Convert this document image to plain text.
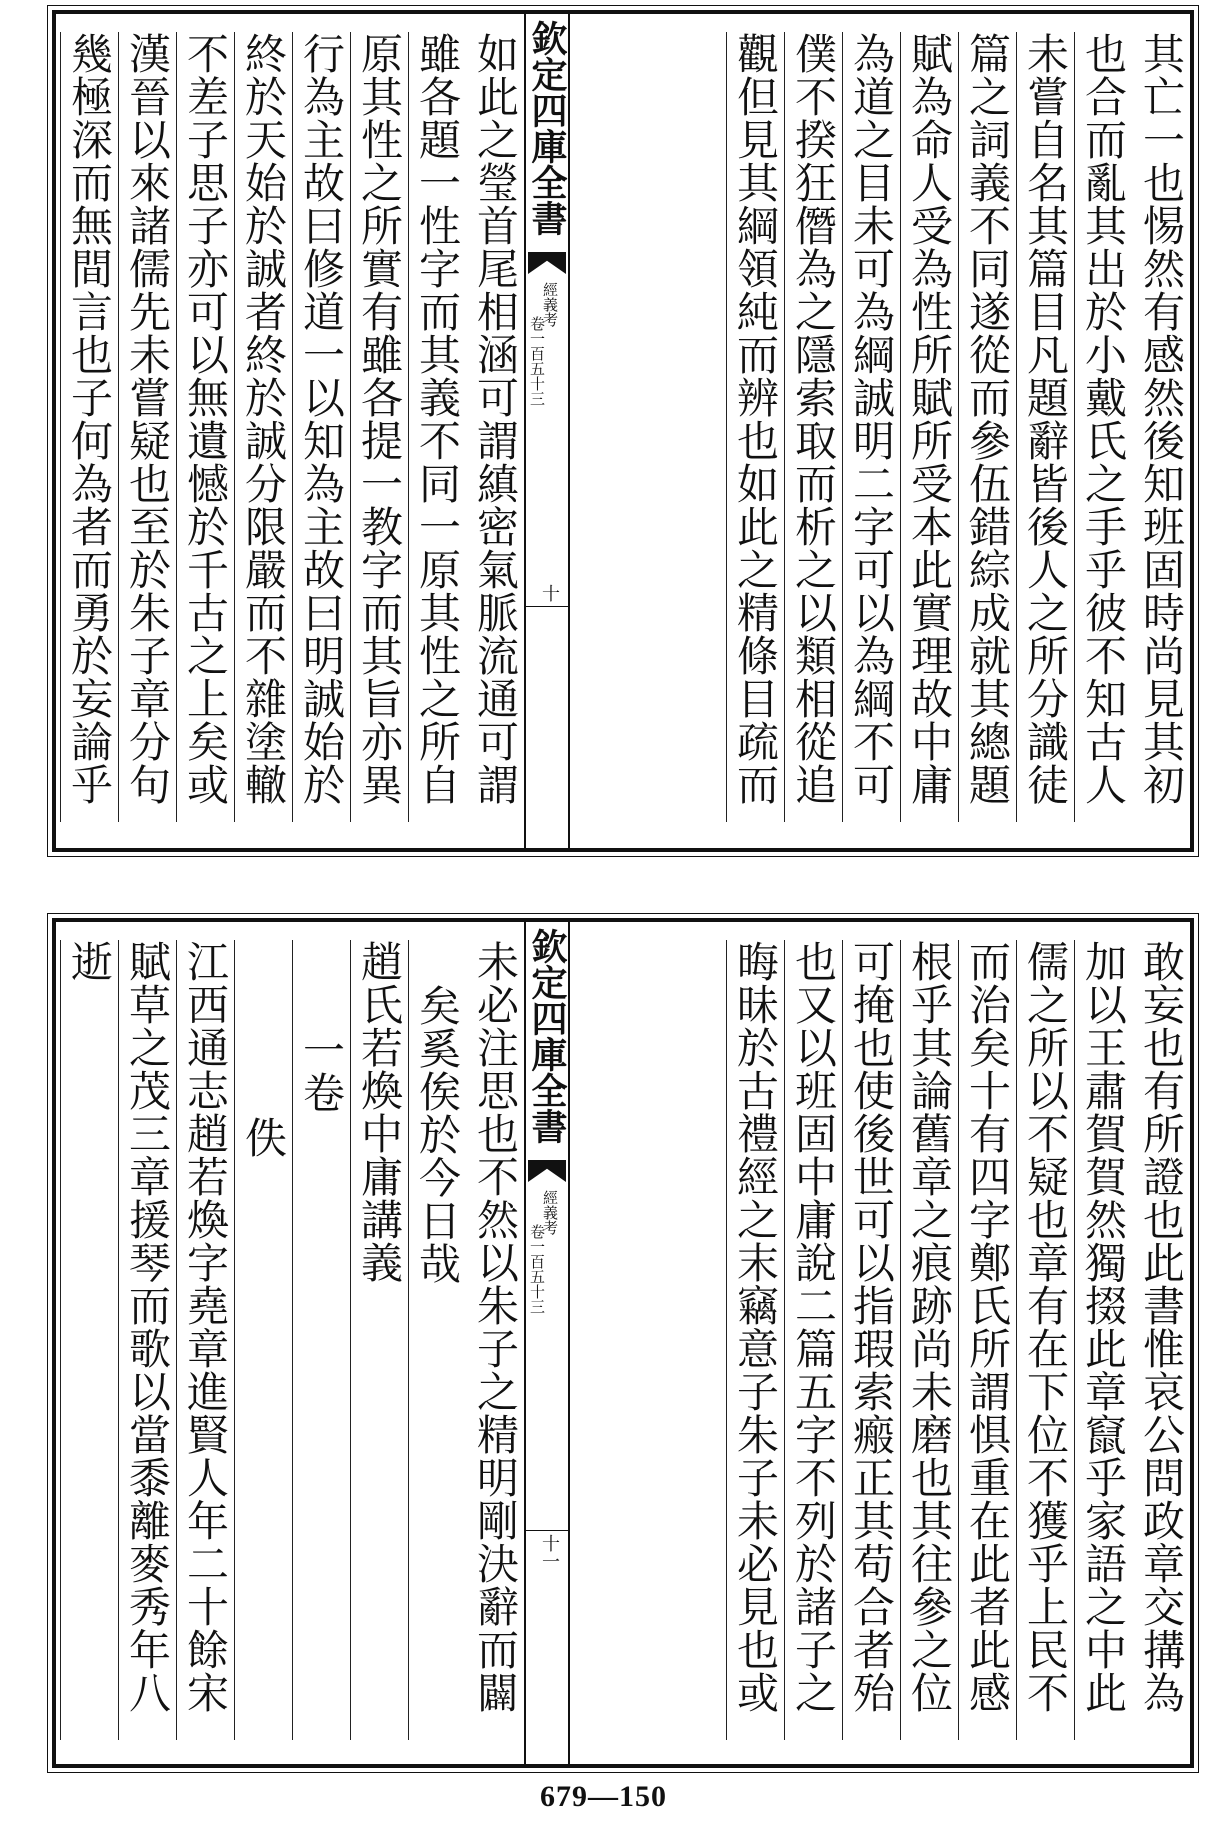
其亡一也惕然有感然後知班固時尚見其初
也合而亂其出於小戴氏之手乎彼不知古人
未嘗自名其篇目凡題辭皆後人之所分識徒
篇之詞義不同遂從而參伍錯綜成就其總題
賦為命人受為性所賦所受本此實理故中庸
為道之目未可為綱誠明二字可以為綱不可
僕不揆狂僭為之隱索取而析之以類相從追
觀但見其綱領純而辨也如此之精條目疏而
欽定四庫全書
經義考
卷一百五十三
十
如此之瑩首尾相涵可謂縝密氣脈流通可謂
雖各題一性字而其義不同一原其性之所自
原其性之所實有雖各提一教字而其旨亦異
行為主故曰修道一以知為主故曰明誠始於
終於天始於誠者終於誠分限嚴而不雜塗轍
不差子思子亦可以無遺憾於千古之上矣或
漢晉以來諸儒先未嘗疑也至於朱子章分句
幾極深而無間言也子何為者而勇於妄論乎
敢妄也有所證也此書惟哀公問政章交搆為
加以王肅賀賀然獨掇此章竄乎家語之中此
儒之所以不疑也章有在下位不獲乎上民不
而治矣十有四字鄭氏所謂惧重在此者此感
根乎其論舊章之痕跡尚未磨也其往參之位
可掩也使後世可以指瑕索瘢正其苟合者殆
也又以班固中庸說二篇五字不列於諸子之
晦昧於古禮經之末竊意子朱子未必見也或
欽定四庫全書
經義考
卷一百五十三
十一
未必注思也不然以朱子之精明剛決辭而闢
矣奚俟於今日哉
趙氏若煥中庸講義
一卷
佚
江西通志趙若煥字堯章進賢人年二十餘宋
賦草之茂三章援琴而歌以當黍離麥秀年八
逝
679—150
